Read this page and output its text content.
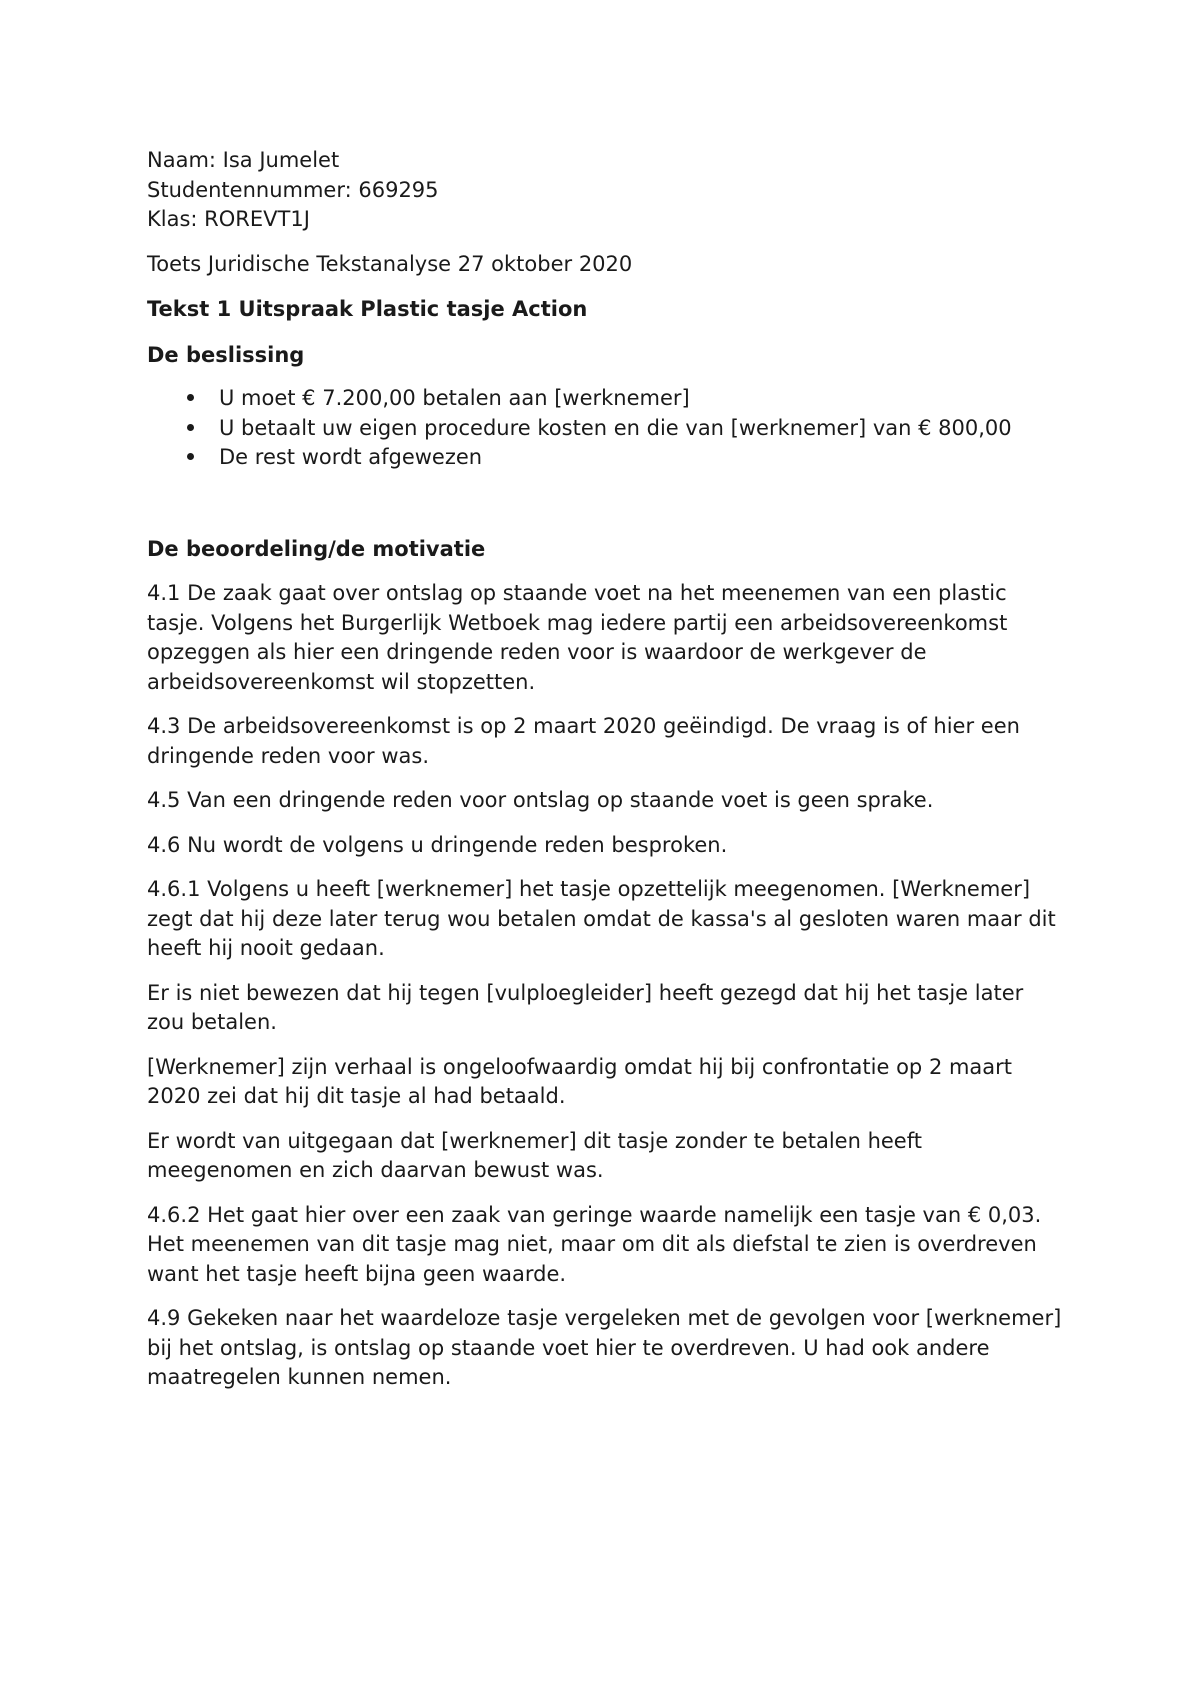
Naam: Isa Jumelet

Studentennummer: 669295

Klas: ROREVT1J

Toets Juridische Tekstanalyse 27 oktober 2020

Tekst 1 Uitspraak Plastic tasje Action

De beslissing

U moet € 7.200,00 betalen aan [werknemer]
U betaalt uw eigen procedure kosten en die van [werknemer] van € 800,00
De rest wordt afgewezen

De beoordeling/de motivatie

4.1 De zaak gaat over ontslag op staande voet na het meenemen van een plastic tasje. Volgens het Burgerlijk Wetboek mag iedere partij een arbeidsovereenkomst opzeggen als hier een dringende reden voor is waardoor de werkgever de arbeidsovereenkomst wil stopzetten.

4.3 De arbeidsovereenkomst is op 2 maart 2020 geëindigd. De vraag is of hier een dringende reden voor was.

4.5 Van een dringende reden voor ontslag op staande voet is geen sprake.

4.6 Nu wordt de volgens u dringende reden besproken.

4.6.1 Volgens u heeft [werknemer] het tasje opzettelijk meegenomen. [Werknemer] zegt dat hij deze later terug wou betalen omdat de kassa's al gesloten waren maar dit heeft hij nooit gedaan.

Er is niet bewezen dat hij tegen [vulploegleider] heeft gezegd dat hij het tasje later zou betalen.

[Werknemer] zijn verhaal is ongeloofwaardig omdat hij bij confrontatie op 2 maart 2020 zei dat hij dit tasje al had betaald.

Er wordt van uitgegaan dat [werknemer] dit tasje zonder te betalen heeft meegenomen en zich daarvan bewust was.

4.6.2 Het gaat hier over een zaak van geringe waarde namelijk een tasje van € 0,03. Het meenemen van dit tasje mag niet, maar om dit als diefstal te zien is overdreven want het tasje heeft bijna geen waarde.

4.9 Gekeken naar het waardeloze tasje vergeleken met de gevolgen voor [werknemer] bij het ontslag, is ontslag op staande voet hier te overdreven. U had ook andere maatregelen kunnen nemen.
